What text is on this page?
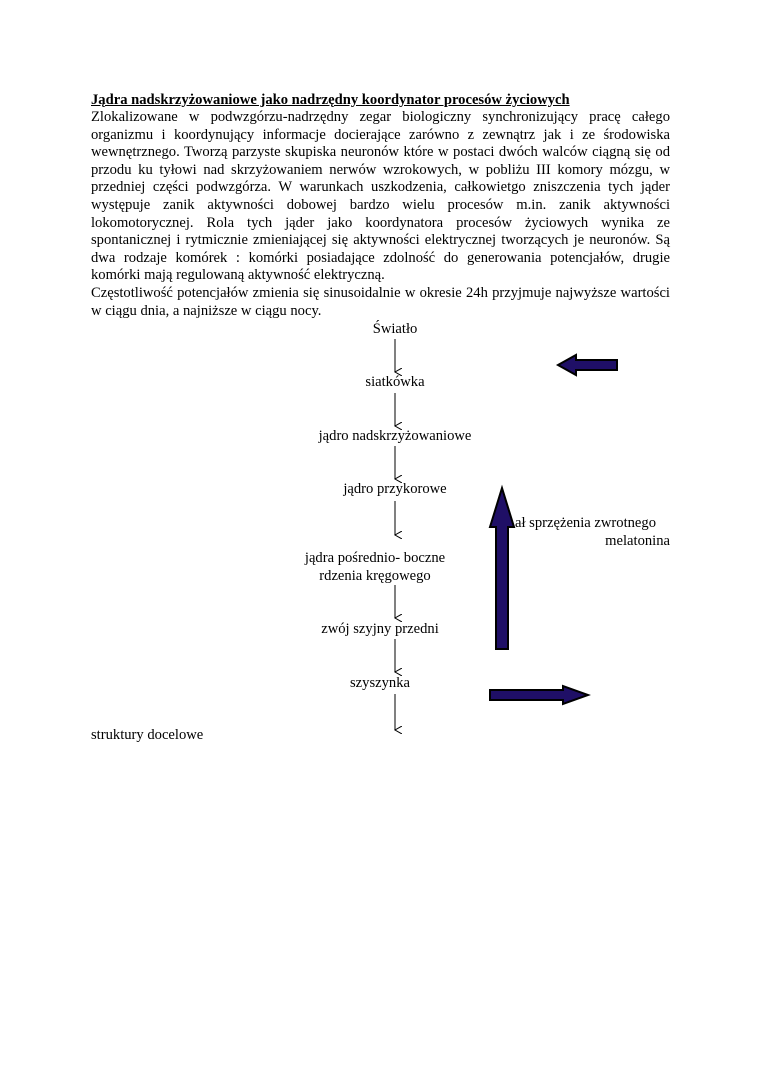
Jądra nadskrzyżowaniowe jako nadrzędny koordynator procesów życiowych

Zlokalizowane w podwzgórzu-nadrzędny zegar biologiczny synchronizujący pracę całego organizmu i koordynujący informacje docierające zarówno z zewnątrz jak i ze środowiska wewnętrznego. Tworzą parzyste skupiska neuronów które w postaci dwóch walców ciągną się od przodu ku tyłowi nad skrzyżowaniem nerwów wzrokowych, w pobliżu III komory mózgu, w przedniej części podwzgórza. W warunkach uszkodzenia, całkowietgo zniszczenia tych jąder występuje zanik aktywności dobowej bardzo wielu procesów m.in. zanik aktywności lokomotorycznej. Rola tych jąder jako koordynatora procesów życiowych wynika ze spontanicznej i rytmicznie zmieniającej się aktywności elektrycznej tworzących je neuronów. Są dwa rodzaje komórek : komórki posiadające zdolność do generowania potencjałów, drugie komórki mają regulowaną aktywność elektryczną.

Częstotliwość potencjałów zmienia się sinusoidalnie w okresie 24h przyjmuje najwyższe wartości w ciągu dnia, a najniższe w ciągu nocy.

Światło
siatkówka
jądro nadskrzyżowaniowe
jądro przykorowe
jądra pośrednio- boczne
rdzenia kręgowego
zwój szyjny przedni
szyszynka
struktury docelowe
ał sprzężenia zwrotnego
melatonina
